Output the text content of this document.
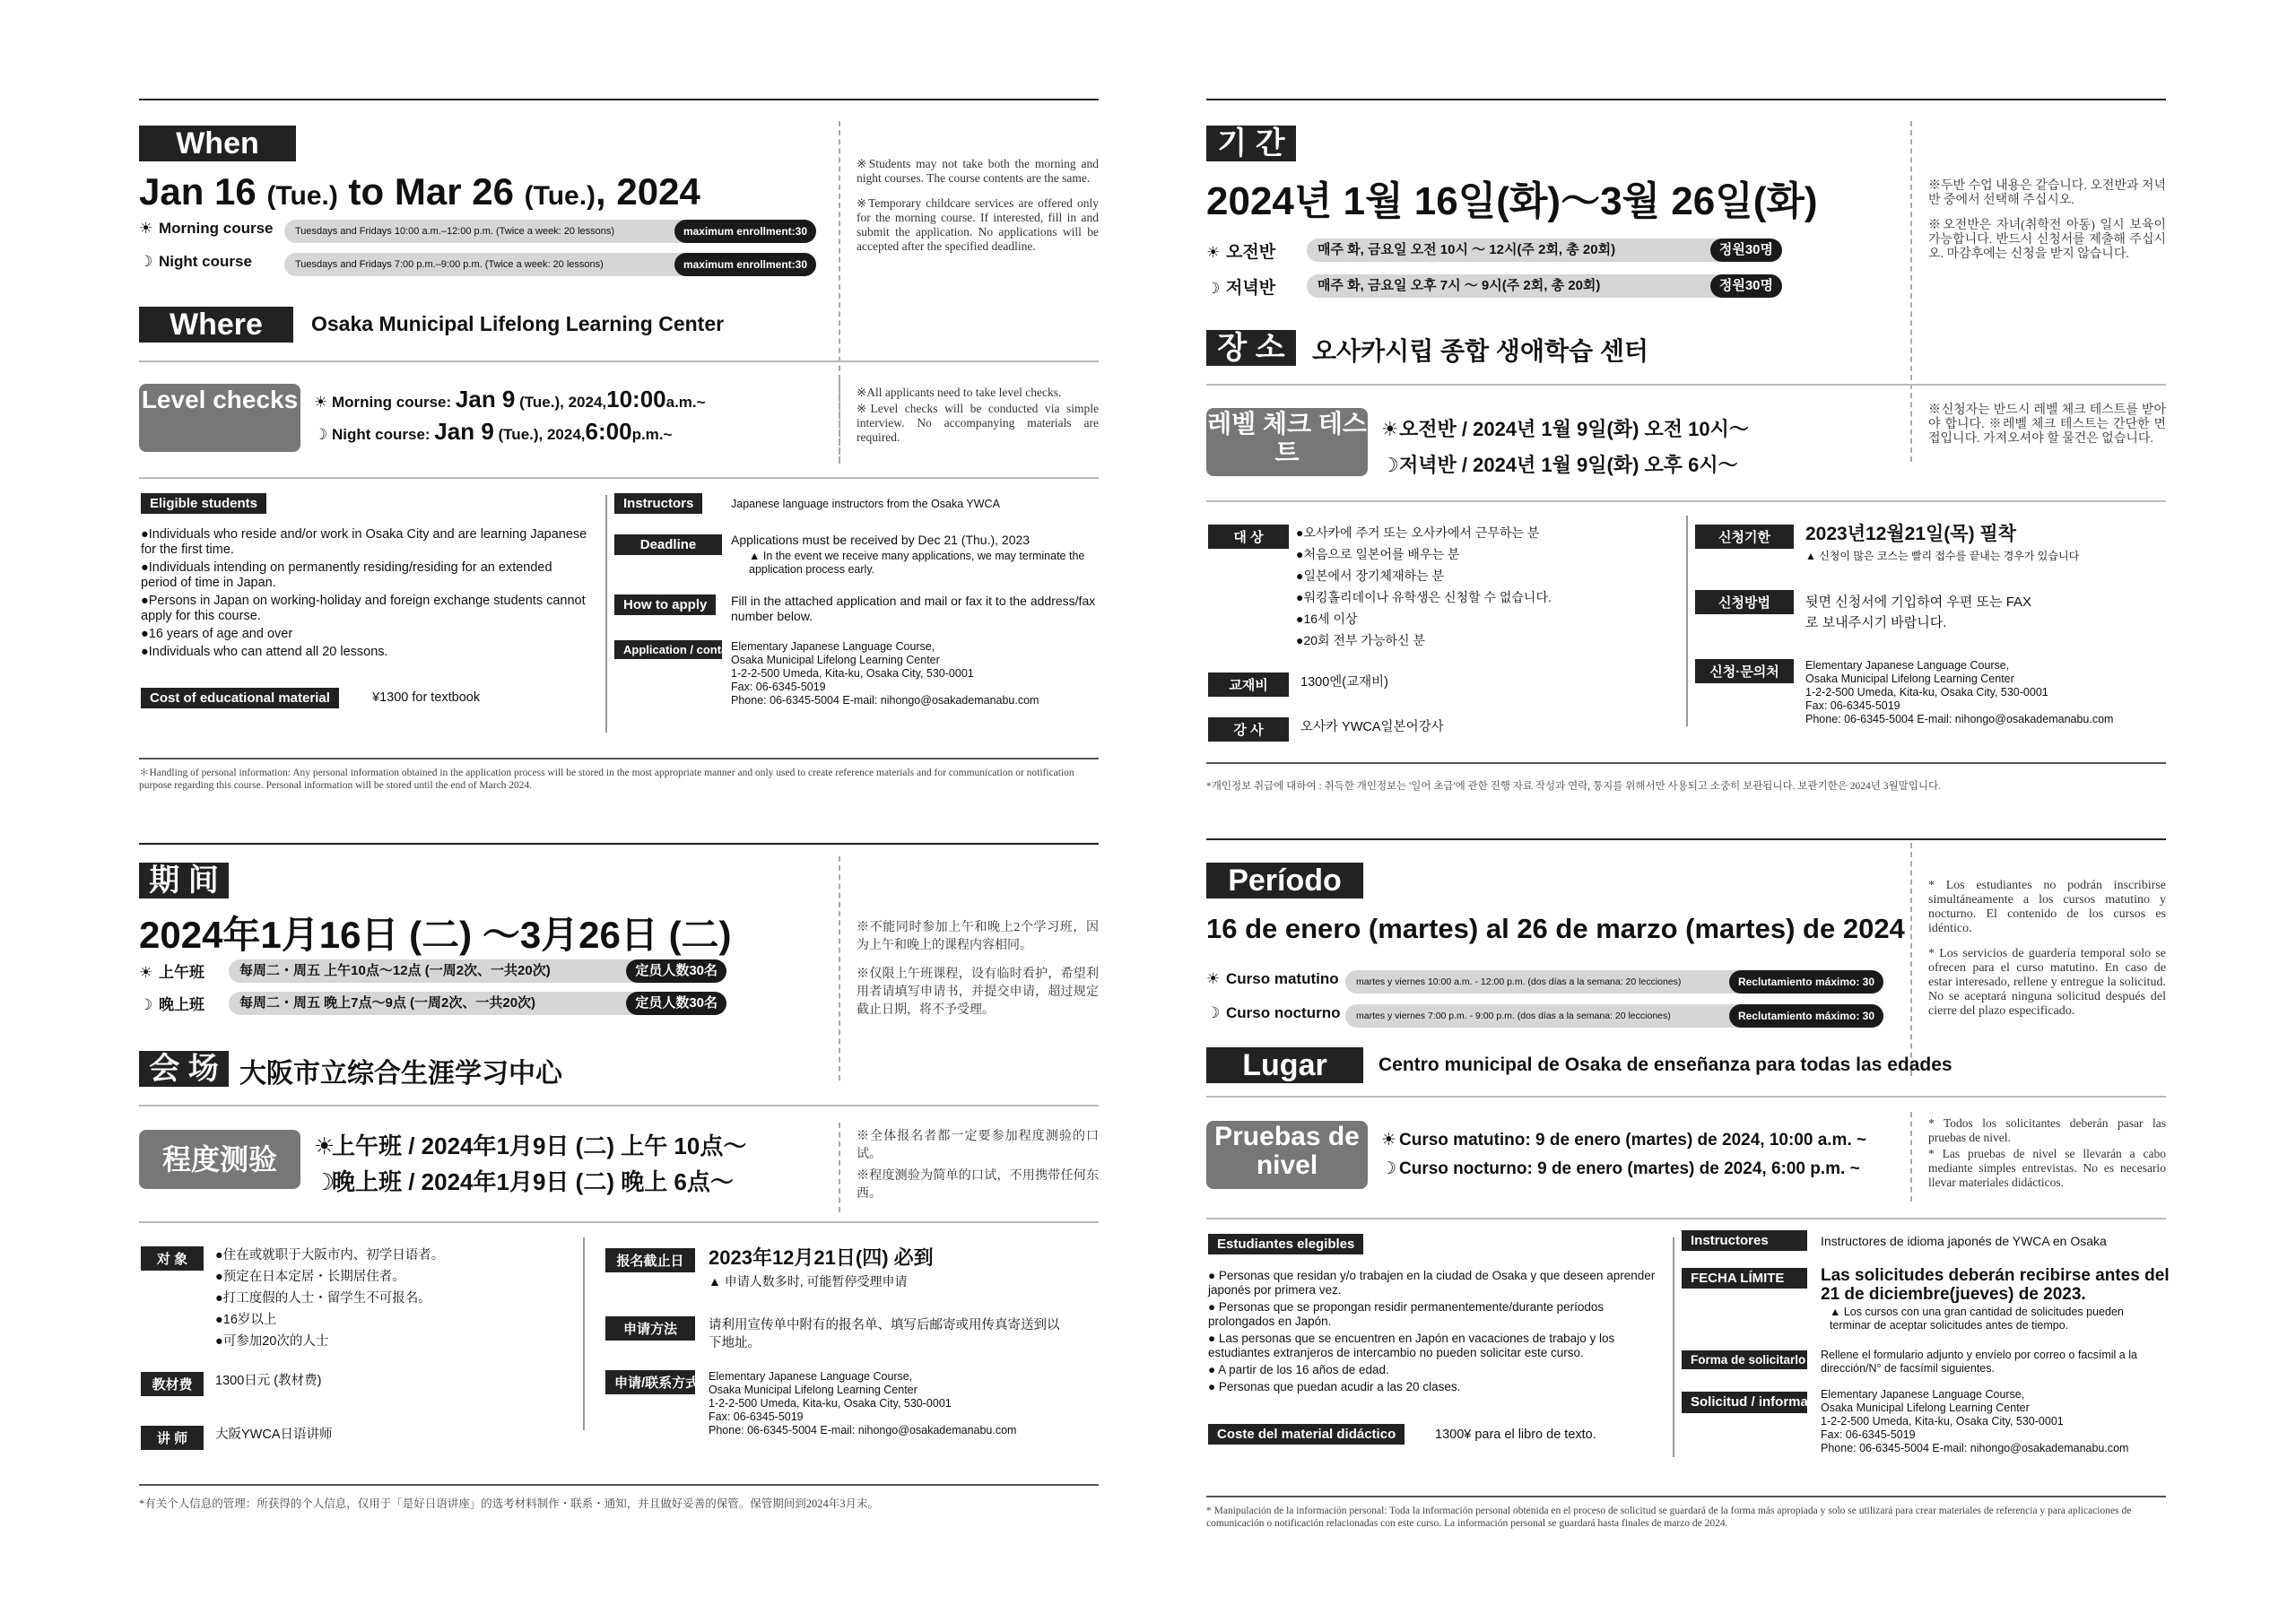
When
Jan 16 (Tue.) to Mar 26 (Tue.), 2024
☀ Morning course	Tuesdays and Fridays 10:00 a.m.–12:00 p.m. (Twice a week: 20 lessons)	maximum enrollment:30
☽ Night course	Tuesdays and Fridays 7:00 p.m.–9:00 p.m. (Twice a week: 20 lessons)	maximum enrollment:30
Where	Osaka Municipal Lifelong Learning Center

※Students may not take both the morning and night courses. The course contents are the same.

※Temporary childcare services are offered only for the morning course. If interested, fill in and submit the application. No applications will be accepted after the specified deadline.

Level checks ☀ Morning course: Jan 9 (Tue.), 2024,10:00a.m.~
☽ Night course: Jan 9 (Tue.), 2024,6:00p.m.~

※All applicants need to take level checks.

※Level checks will be conducted via simple interview. No accompanying materials are required.

Eligible students
●Individuals who reside and/or work in Osaka City and are learning Japanese for the first time.
●Individuals intending on permanently residing/residing for an extended period of time in Japan.
●Persons in Japan on working-holiday and foreign exchange students cannot apply for this course.
●16 years of age and over
●Individuals who can attend all 20 lessons.
Cost of educational material	¥1300 for textbook
Instructors	Japanese language instructors from the Osaka YWCA
Deadline	Applications must be received by Dec 21 (Thu.), 2023
▲ In the event we receive many applications, we may terminate the application process early.
How to apply	Fill in the attached application and mail or fax it to the address/fax number below.
Application / contact information
Elementary Japanese Language Course,
Osaka Municipal Lifelong Learning Center
1-2-2-500 Umeda, Kita-ku, Osaka City, 530-0001
Fax: 06-6345-5019
Phone: 06-6345-5004 E-mail: nihongo@osakademanabu.com
＊Handling of personal information: Any personal information obtained in the application process will be stored in the most appropriate manner and only used to create reference materials and for communication or notification purpose regarding this course. Personal information will be stored until the end of March 2024.
기 간
2024년 1월 16일(화)～3월 26일(화)
☀ 오전반	매주 화, 금요일 오전 10시 ～ 12시(주 2회, 총 20회)	정원30명
☽ 저녁반	매주 화, 금요일 오후 7시 ～ 9시(주 2회, 총 20회)	정원30명
장 소	오사카시립 종합 생애학습 센터

※두반 수업 내용은 같습니다. 오전반과 저녁반 중에서 선택해 주십시오.

※오전반은 자녀(취학전 아동) 일시 보육이 가능합니다. 반드시 신청서를 제출해 주십시오. 마감후에는 신청을 받지 않습니다.

레벨 체크 테스트
☀오전반 / 2024년 1월 9일(화) 오전 10시～
☽저녁반 / 2024년 1월 9일(화) 오후 6시～
※신청자는 반드시 레벨 체크 테스트를 받아야 합니다. ※레벨 체크 테스트는 간단한 면접입니다. 가져오셔야 할 물건은 없습니다.
대 상	●오사카에 주거 또는 오사카에서 근무하는 분
●처음으로 일본어를 배우는 분
●일본에서 장기체재하는 분
●워킹홀리데이나 유학생은 신청할 수 없습니다.
●16세 이상
●20회 전부 가능하신 분
교재비	1300엔(교재비)
강 사	오사카 YWCA일본어강사
신청기한	2023년12월21일(목) 필착
▲ 신청이 많은 코스는 빨리 접수를 끝내는 경우가 있습니다
신청방법	뒷면 신청서에 기입하여 우편 또는 FAX 로 보내주시기 바랍니다.
신청·문의처	Elementary Japanese Language Course,
Osaka Municipal Lifelong Learning Center
1-2-2-500 Umeda, Kita-ku, Osaka City, 530-0001
Fax: 06-6345-5019
Phone: 06-6345-5004 E-mail: nihongo@osakademanabu.com
*개인정보 취급에 대하여 : 취득한 개인정보는 '일어 초급'에 관한 진행 자료 작성과 연락, 통지를 위해서만 사용되고 소중히 보관됩니다. 보관기한은 2024년 3월말입니다.
期 间
2024年1月16日 (二) ～3月26日 (二)
☀ 上午班	每周二・周五 上午10点～12点 (一周2次、一共20次)	定员人数30名
☽ 晚上班	每周二・周五 晚上7点～9点 (一周2次、一共20次)	定员人数30名
会 场 大阪市立综合生涯学习中心

※不能同时参加上午和晚上2个学习班，因为上午和晚上的课程内容相同。

※仅限上午班课程，设有临时看护，希望利用者请填写申请书，并提交申请，超过规定截止日期，将不予受理。

程度测验	☀上午班 / 2024年1月9日 (二) 上午 10点～
☽晚上班 / 2024年1月9日 (二) 晚上 6点～

※全体报名者都一定要参加程度测验的口试。

※程度测验为简单的口试，不用携带任何东西。

对 象	●住在或就职于大阪市内、初学日语者。
●预定在日本定居・长期居住者。
●打工度假的人士・留学生不可报名。
●16岁以上
●可参加20次的人士
教材费	1300日元 (教材费)
讲 师	大阪YWCA日语讲师
报名截止日	2023年12月21日(四) 必到
▲ 申请人数多时, 可能暂停受理申请
申请方法	请利用宣传单中附有的报名单、填写后邮寄或用传真寄送到以下地址。
申请/联系方式 Elementary Japanese Language Course,
Osaka Municipal Lifelong Learning Center
1-2-2-500 Umeda, Kita-ku, Osaka City, 530-0001
Fax: 06-6345-5019
Phone: 06-6345-5004 E-mail: nihongo@osakademanabu.com
*有关个人信息的管理：所获得的个人信息，仅用于「是好日语讲座」的选考材料制作・联系・通知，并且做好妥善的保管。保管期间到2024年3月末。
Período
16 de enero (martes) al 26 de marzo (martes) de 2024
☀ Curso matutino	martes y viernes 10:00 a.m. - 12:00 p.m. (dos días a la semana: 20 lecciones)	Reclutamiento máximo: 30
☽ Curso nocturno	martes y viernes 7:00 p.m. - 9:00 p.m. (dos días a la semana: 20 lecciones)	Reclutamiento máximo: 30
Lugar	Centro municipal de Osaka de enseñanza para todas las edades

* Los estudiantes no podrán inscribirse simultáneamente a los cursos matutino y nocturno. El contenido de los cursos es idéntico.

* Los servicios de guardería temporal solo se ofrecen para el curso matutino. En caso de estar interesado, rellene y entregue la solicitud. No se aceptará ninguna solicitud después del cierre del plazo especificado.

Pruebas de nivel
☀ Curso matutino: 9 de enero (martes) de 2024, 10:00 a.m. ~
☽ Curso nocturno: 9 de enero (martes) de 2024, 6:00 p.m. ~

* Todos los solicitantes deberán pasar las pruebas de nivel.

* Las pruebas de nivel se llevarán a cabo mediante simples entrevistas. No es necesario llevar materiales didácticos.

Estudiantes elegibles
● Personas que residan y/o trabajen en la ciudad de Osaka y que deseen aprender japonés por primera vez.
● Personas que se propongan residir permanentemente/durante períodos prolongados en Japón.
● Las personas que se encuentren en Japón en vacaciones de trabajo y los estudiantes extranjeros de intercambio no pueden solicitar este curso.
● A partir de los 16 años de edad.
● Personas que puedan acudir a las 20 clases.
Coste del material didáctico	1300¥ para el libro de texto.
Instructores	Instructores de idioma japonés de YWCA en Osaka
FECHA LÍMITE	Las solicitudes deberán recibirse antes del 21 de diciembre(jueves) de 2023.
▲ Los cursos con una gran cantidad de solicitudes pueden terminar de aceptar solicitudes antes de tiempo.
Forma de solicitarlo Rellene el formulario adjunto y envíelo por correo o facsímil a la dirección/N° de facsímil siguientes.
Solicitud / información de contacto
Elementary Japanese Language Course,
Osaka Municipal Lifelong Learning Center
1-2-2-500 Umeda, Kita-ku, Osaka City, 530-0001
Fax: 06-6345-5019
Phone: 06-6345-5004 E-mail: nihongo@osakademanabu.com
* Manipulación de la información personal: Toda la información personal obtenida en el proceso de solicitud se guardará de la forma más apropiada y solo se utilizará para crear materiales de referencia y para aplicaciones de comunicación o notificación relacionadas con este curso. La información personal se guardará hasta finales de marzo de 2024.
